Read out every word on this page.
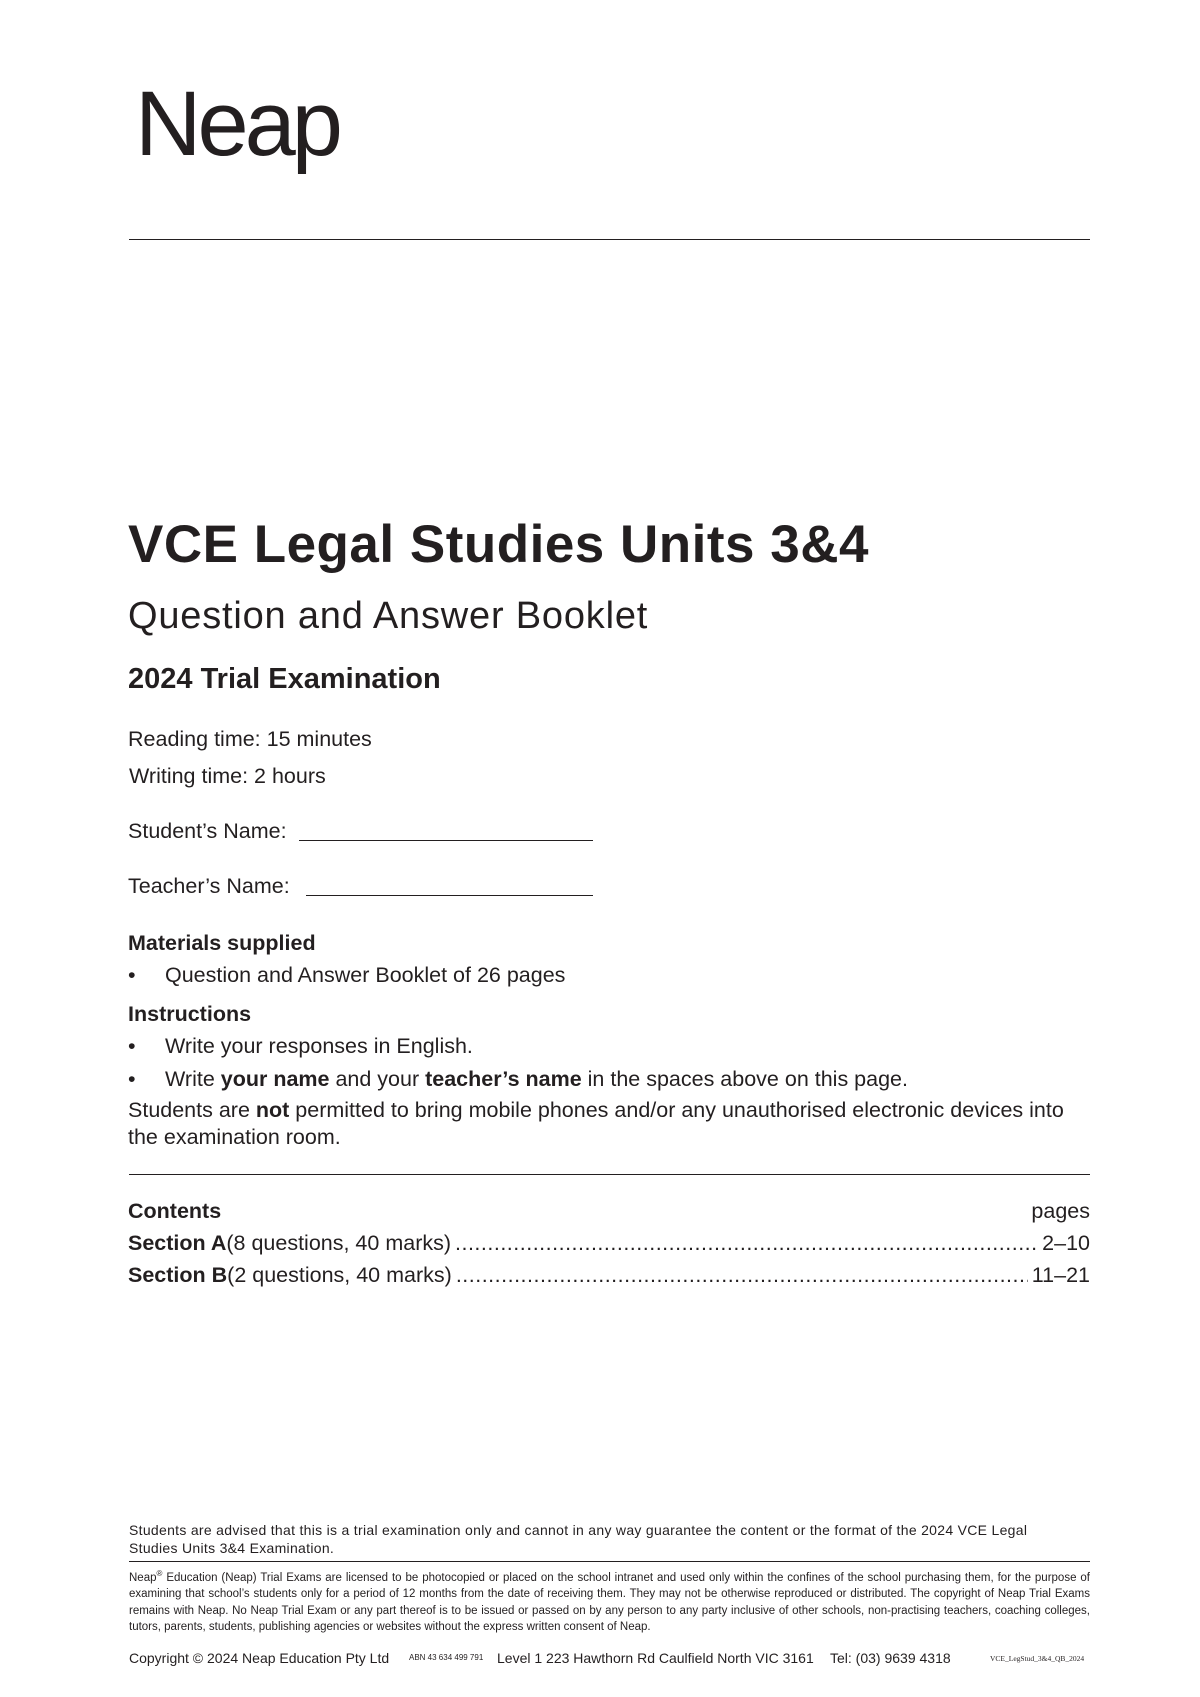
Neap
VCE Legal Studies Units 3&4
Question and Answer Booklet
2024 Trial Examination
Reading time: 15 minutes
Writing time: 2 hours
Student’s Name:
Teacher’s Name:
Materials supplied
• Question and Answer Booklet of 26 pages
Instructions
• Write your responses in English.
• Write your name and your teacher’s name in the spaces above on this page.
Students are not permitted to bring mobile phones and/or any unauthorised electronic devices into the examination room.
Contents	pages
Section A (8 questions, 40 marks) .....	2–10
Section B (2 questions, 40 marks) .....	11–21
Students are advised that this is a trial examination only and cannot in any way guarantee the content or the format of the 2024 VCE Legal Studies Units 3&4 Examination.
Neap® Education (Neap) Trial Exams are licensed to be photocopied or placed on the school intranet and used only within the confines of the school purchasing them, for the purpose of examining that school’s students only for a period of 12 months from the date of receiving them. They may not be otherwise reproduced or distributed. The copyright of Neap Trial Exams remains with Neap. No Neap Trial Exam or any part thereof is to be issued or passed on by any person to any party inclusive of other schools, non-practising teachers, coaching colleges, tutors, parents, students, publishing agencies or websites without the express written consent of Neap.
Copyright © 2024 Neap Education Pty Ltd ABN 43 634 499 791 Level 1 223 Hawthorn Rd Caulfield North VIC 3161 Tel: (03) 9639 4318	VCE_LegStud_3&4_QB_2024
